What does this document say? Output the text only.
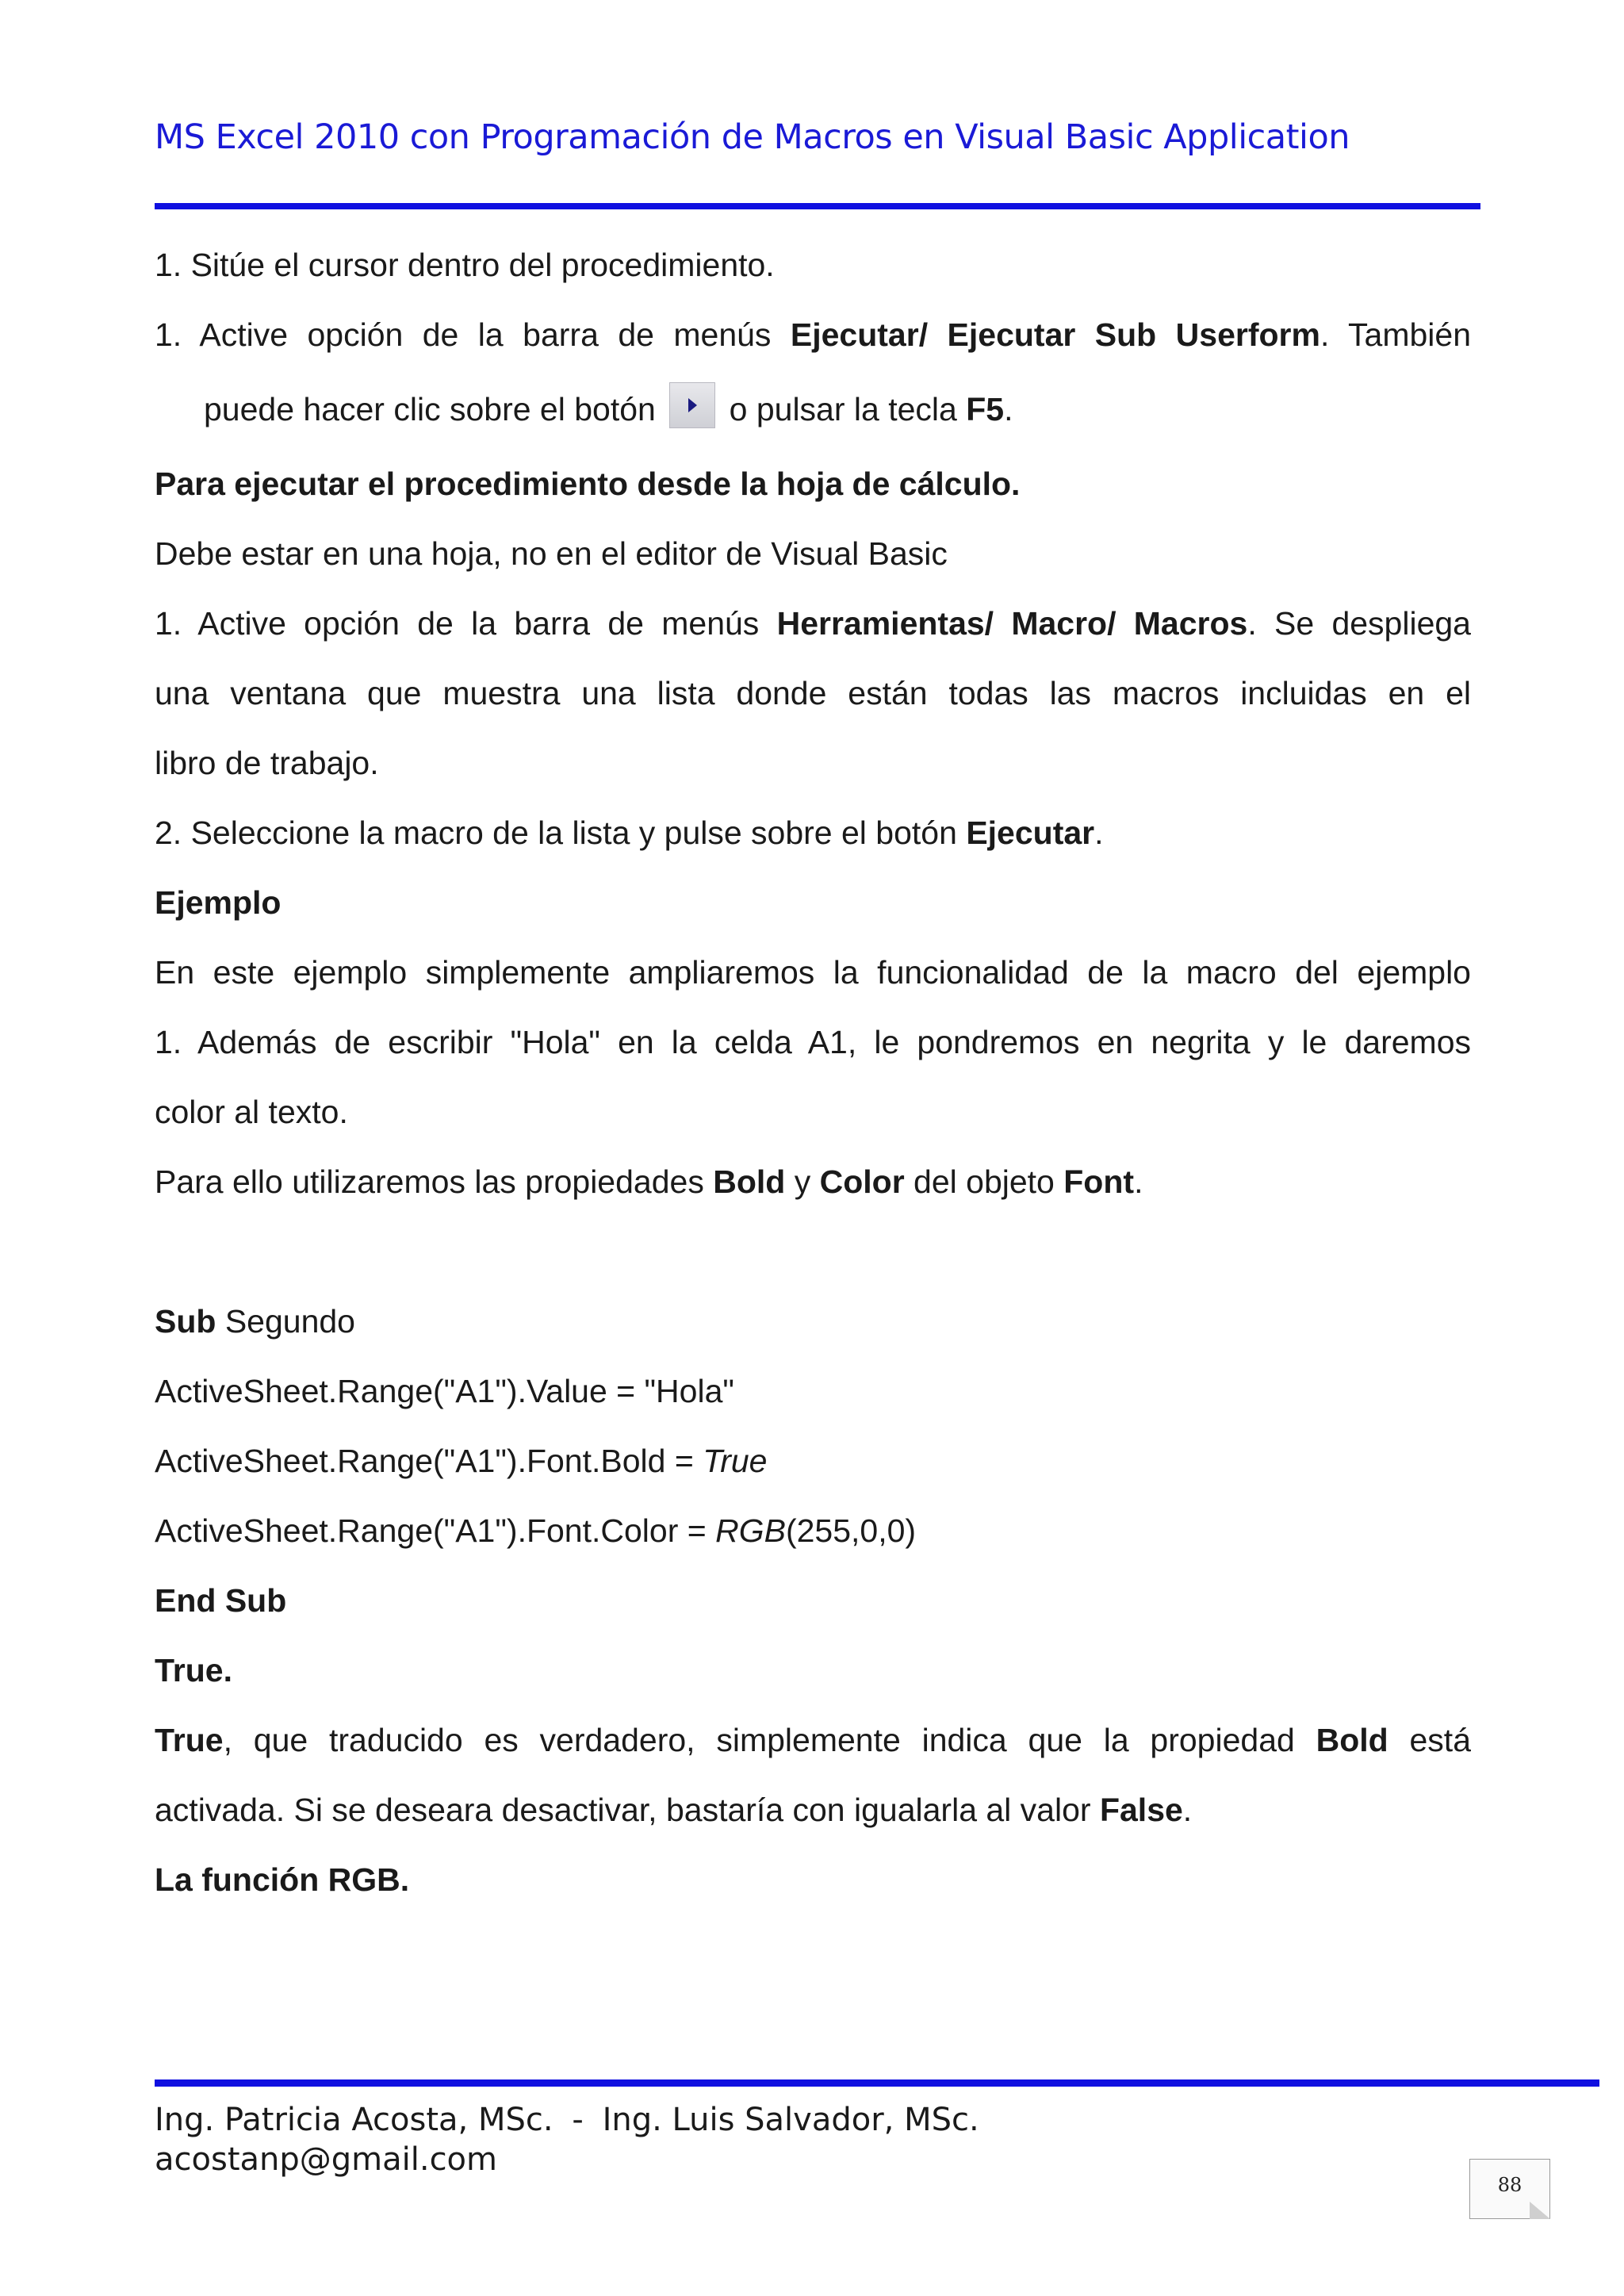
MS Excel 2010 con Programación de Macros en Visual Basic Application
1. Sitúe el cursor dentro del procedimiento.
1. Active opción de la barra de menús Ejecutar/ Ejecutar Sub Userform. También
puede hacer clic sobre el botón o pulsar la tecla F5.
Para ejecutar el procedimiento desde la hoja de cálculo.
Debe estar en una hoja, no en el editor de Visual Basic
1. Active opción de la barra de menús Herramientas/ Macro/ Macros. Se despliega
una ventana que muestra una lista donde están todas las macros incluidas en el
libro de trabajo.
2. Seleccione la macro de la lista y pulse sobre el botón Ejecutar.
Ejemplo
En este ejemplo simplemente ampliaremos la funcionalidad de la macro del ejemplo
1. Además de escribir "Hola" en la celda A1, le pondremos en negrita y le daremos
color al texto.
Para ello utilizaremos las propiedades Bold y Color del objeto Font.
Sub Segundo
ActiveSheet.Range("A1").Value = "Hola"
ActiveSheet.Range("A1").Font.Bold = True
ActiveSheet.Range("A1").Font.Color = RGB(255,0,0)
End Sub
True.
True, que traducido es verdadero, simplemente indica que la propiedad Bold está
activada. Si se deseara desactivar, bastaría con igualarla al valor False.
La función RGB.
Ing. Patricia Acosta, MSc. - Ing. Luis Salvador, MSc.
acostanp@gmail.com
88
